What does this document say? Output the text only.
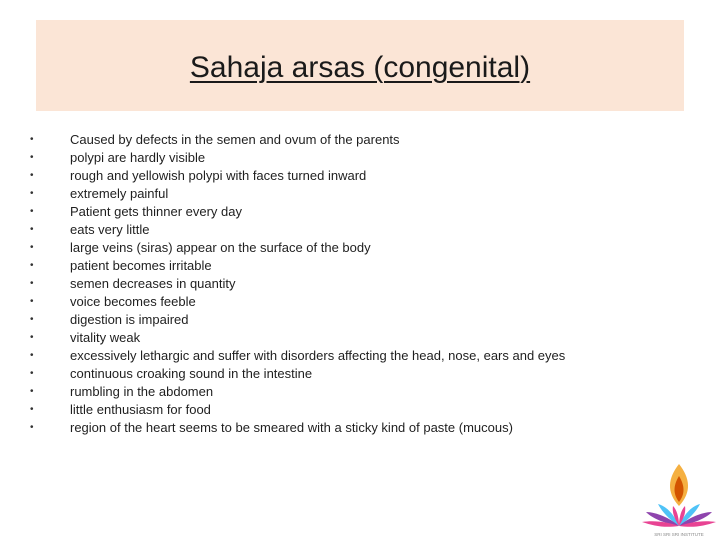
Sahaja arsas (congenital)
•	Caused by defects in the semen and ovum of the parents
•	polypi are hardly visible
•	rough and yellowish polypi with faces turned inward
•	extremely painful
•	Patient gets thinner every day
•	eats very little
•	large veins (siras) appear on the surface of the body
•	patient becomes irritable
•	semen decreases in quantity
•	voice becomes feeble
•	digestion is impaired
•	vitality weak
•	excessively lethargic and suffer with disorders affecting the head, nose, ears and eyes
•	continuous croaking sound in the intestine
•	rumbling in the abdomen
•	little enthusiasm for food
•	region of the heart seems to be smeared with a sticky kind of paste (mucous)
SRI SRI SRI INSTITUTE
